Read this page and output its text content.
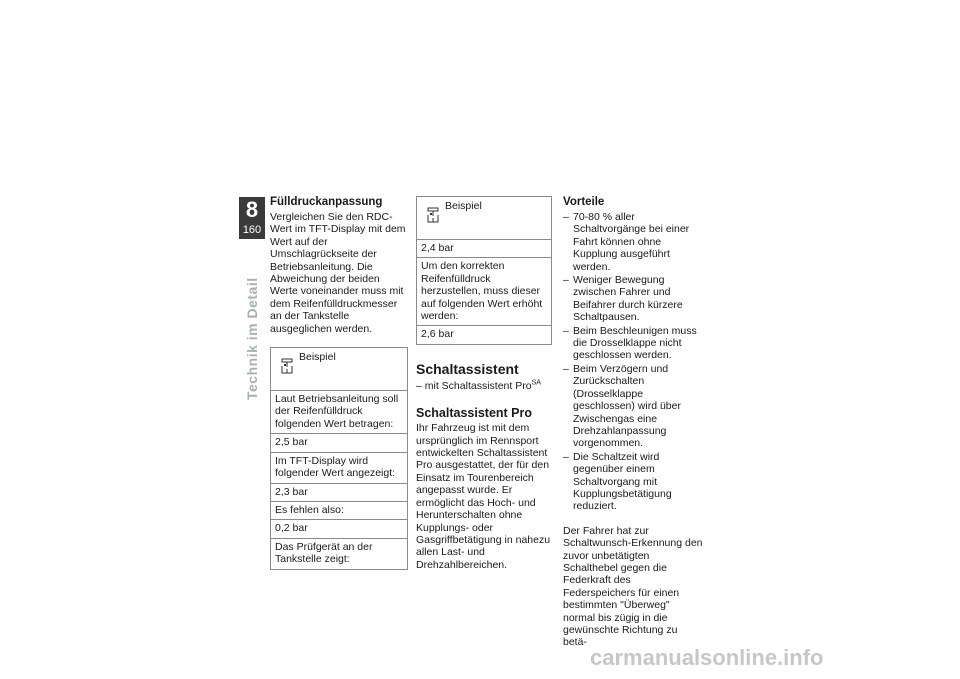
8
160
Technik im Detail
Fülldruckanpassung

Vergleichen Sie den RDC-Wert im TFT-Display mit dem Wert auf der Umschlagrückseite der Betriebsanleitung. Die Abweichung der beiden Werte voneinander muss mit dem Reifenfülldruckmesser an der Tankstelle ausgeglichen werden.

Beispiel
Laut Betriebsanleitung soll der Reifenfülldruck folgenden Wert betragen:
2,5 bar
Im TFT-Display wird folgender Wert angezeigt:
2,3 bar
Es fehlen also:
0,2 bar
Das Prüfgerät an der Tankstelle zeigt:
Beispiel
2,4 bar
Um den korrekten Reifenfülldruck herzustellen, muss dieser auf folgenden Wert erhöht werden:
2,6 bar
Schaltassistent

– mit Schaltassistent Pro$^{SA}$

Schaltassistent Pro

Ihr Fahrzeug ist mit dem ursprünglich im Rennsport entwickelten Schaltassistent Pro ausgestattet, der für den Einsatz im Tourenbereich angepasst wurde. Er ermöglicht das Hoch- und Herunterschalten ohne Kupplungs- oder Gasgriffbetätigung in nahezu allen Last- und Drehzahlbereichen.

Vorteile
– 70-80 % aller Schaltvorgänge bei einer Fahrt können ohne Kupplung ausgeführt werden.
– Weniger Bewegung zwischen Fahrer und Beifahrer durch kürzere Schaltpausen.
– Beim Beschleunigen muss die Drosselklappe nicht geschlossen werden.
– Beim Verzögern und Zurückschalten (Drosselklappe geschlossen) wird über Zwischengas eine Drehzahlanpassung vorgenommen.
– Die Schaltzeit wird gegenüber einem Schaltvorgang mit Kupplungsbetätigung reduziert.

Der Fahrer hat zur Schaltwunsch-Erkennung den zuvor unbetätigten Schalthebel gegen die Federkraft des Federspeichers für einen bestimmten "Überweg" normal bis zügig in die gewünschte Richtung zu betä-

carmanualsonline.info
